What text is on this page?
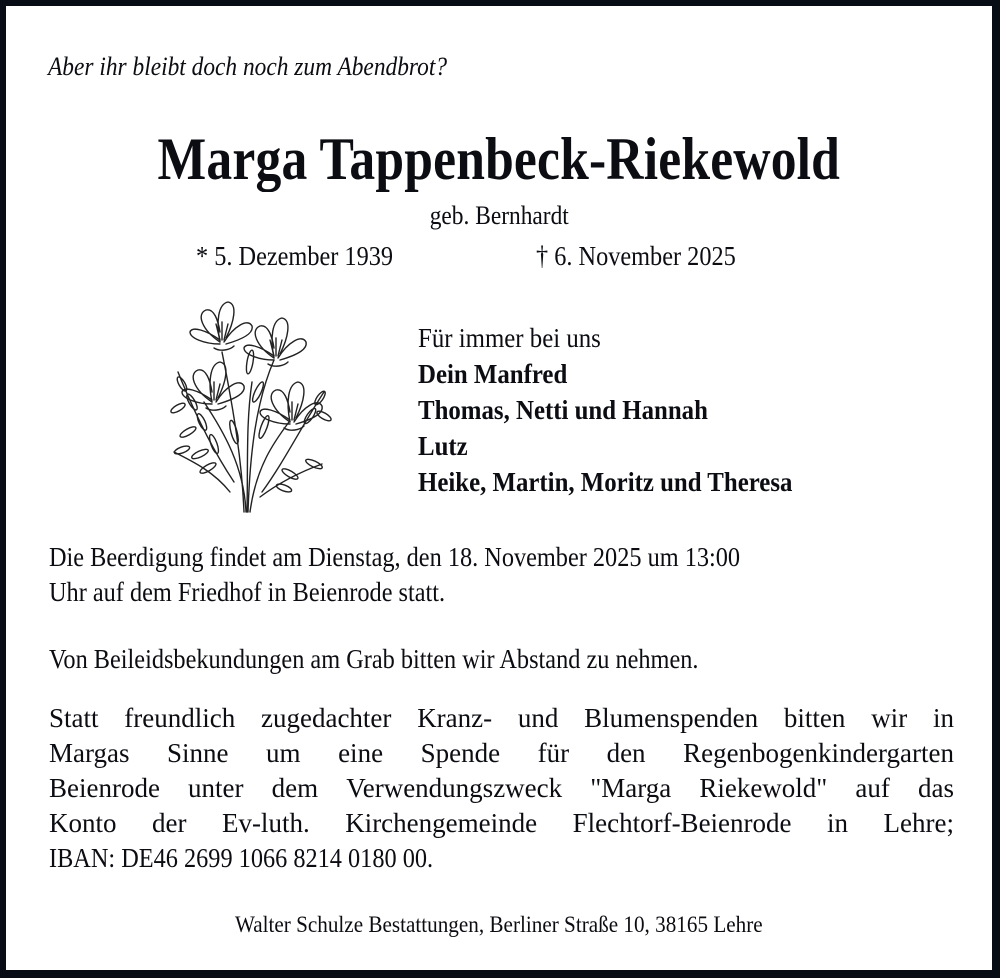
Aber ihr bleibt doch noch zum Abendbrot?
Marga Tappenbeck-Riekewold
geb. Bernhardt
* 5. Dezember 1939	† 6. November 2025
Für immer bei uns
Dein Manfred
Thomas, Netti und Hannah
Lutz
Heike, Martin, Moritz und Theresa
Die Beerdigung findet am Dienstag, den 18. November 2025 um 13:00
Uhr auf dem Friedhof in Beienrode statt.
Von Beileidsbekundungen am Grab bitten wir Abstand zu nehmen.
Statt freundlich zugedachter Kranz- und Blumenspenden bitten wir in
Margas Sinne um eine Spende für den Regenbogenkindergarten
Beienrode unter dem Verwendungszweck "Marga Riekewold" auf das
Konto der Ev-luth. Kirchengemeinde Flechtorf-Beienrode in Lehre;
IBAN: DE46 2699 1066 8214 0180 00.
Walter Schulze Bestattungen, Berliner Straße 10, 38165 Lehre
